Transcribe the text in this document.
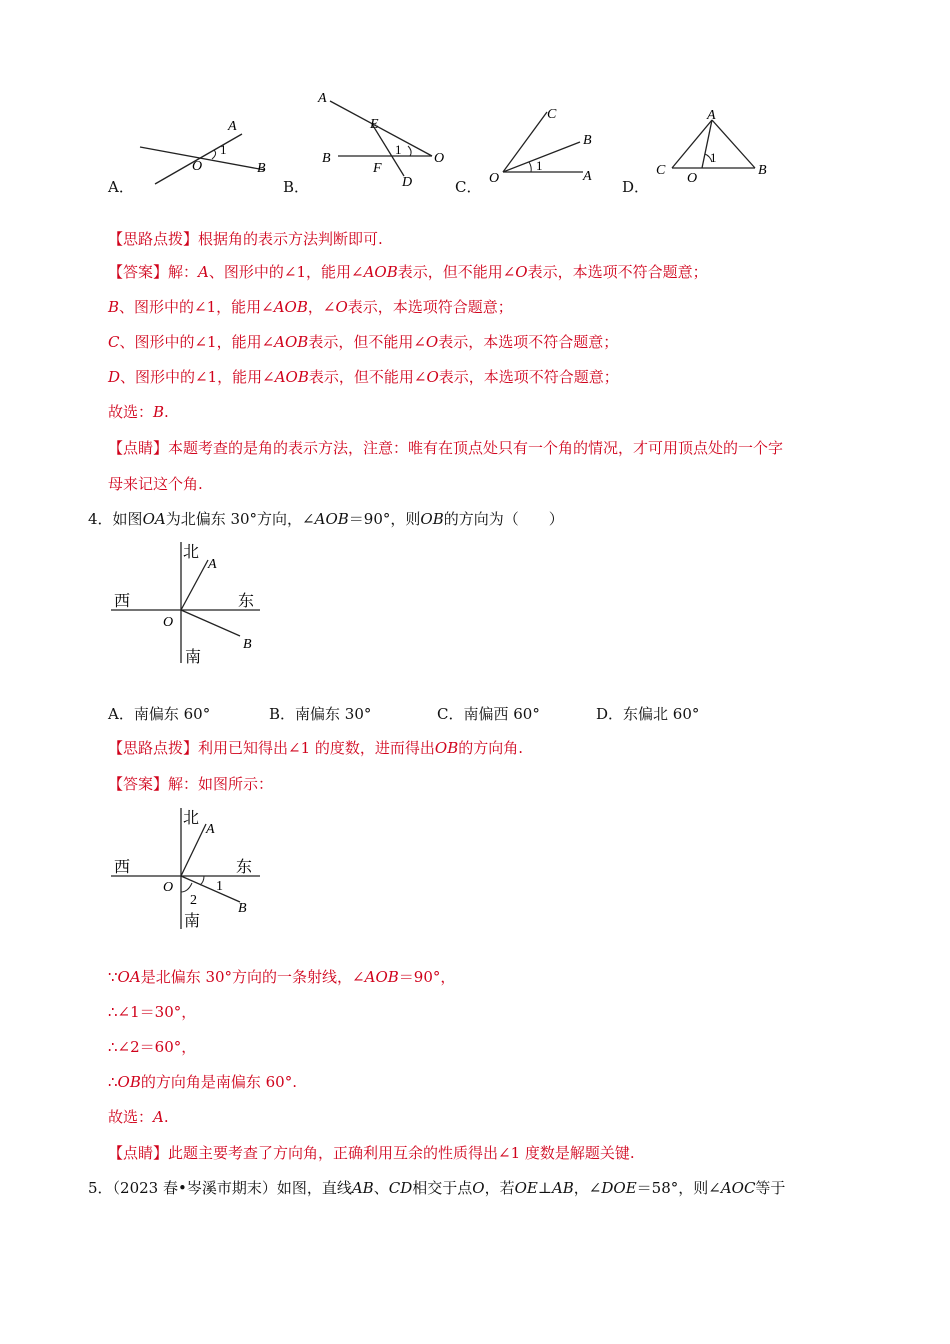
A．
A
O
1
B
B．
A
E
1
O
B
F
D	C．
C
B
O
1
A
D．
A
C
1
O
B
【思路点拨】根据角的表示方法判断即可.
【答案】解：A、图形中的∠1，能用∠AOB表示，但不能用∠O表示，本选项不符合题意；
B、图形中的∠1，能用∠AOB，∠O表示，本选项符合题意；
C、图形中的∠1，能用∠AOB表示，但不能用∠O表示，本选项不符合题意；
D、图形中的∠1，能用∠AOB表示，但不能用∠O表示，本选项不符合题意；
故选：B.
【点睛】本题考查的是角的表示方法，注意：唯有在顶点处只有一个角的情况，才可用顶点处的一个字
母来记这个角.
4．如图OA为北偏东 30°方向，∠AOB＝90°，则OB的方向为（　　）
北
南
西	东
A
O
B
A．南偏东 60°	B．南偏东 30°	C．南偏西 60°	D．东偏北 60°
【思路点拨】利用已知得出∠1 的度数，进而得出OB的方向角.
【答案】解：如图所示：
北
南
西	东
A
O
B
1
2
∵OA是北偏东 30°方向的一条射线，∠AOB＝90°，
∴∠1＝30°，
∴∠2＝60°，
∴OB的方向角是南偏东 60°.
故选：A.
【点睛】此题主要考查了方向角，正确利用互余的性质得出∠1 度数是解题关键.
5．（2023 春•岑溪市期末）如图，直线AB、CD相交于点O，若OE⊥AB，∠DOE＝58°，则∠AOC等于
